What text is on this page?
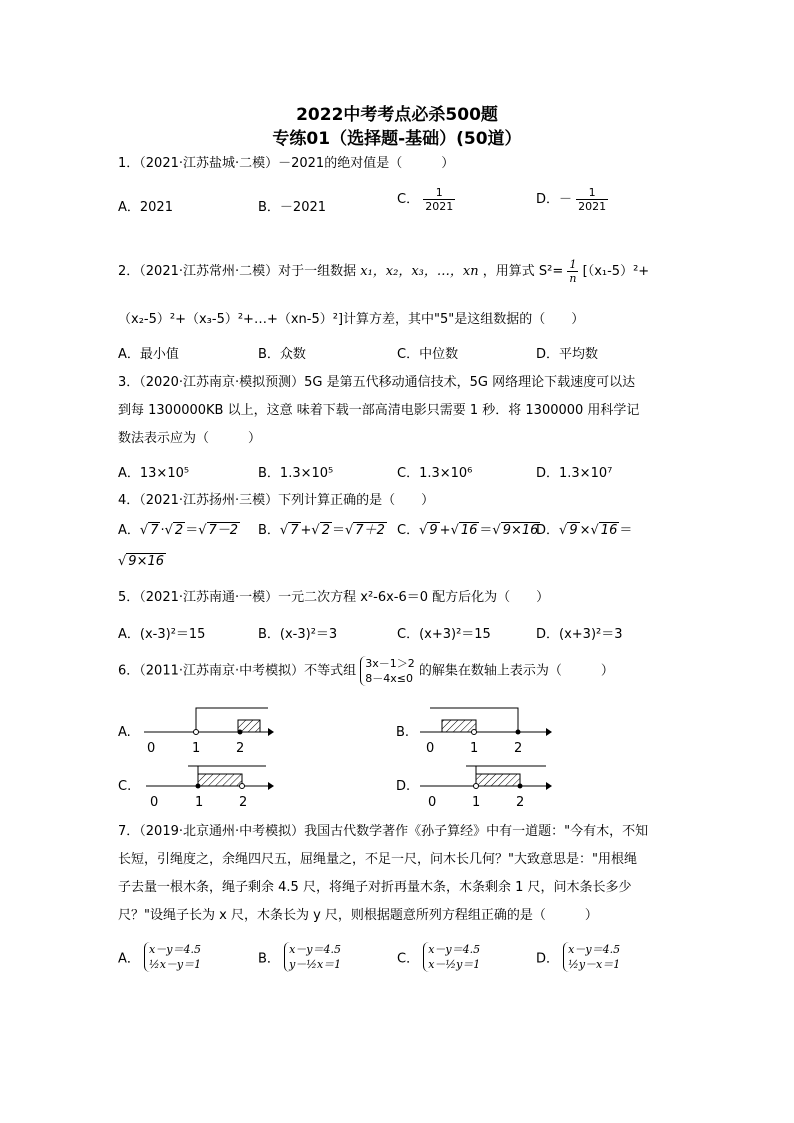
2022中考考点必杀500题
专练01（选择题-基础）(50道）
1．（2021·江苏盐城·二模）－2021的绝对值是（　　　）
A．2021	B．－2021
C． $\frac{1}{2021}$	D．－ $\frac{1}{2021}$
2．（2021·江苏常州·二模）对于一组数据 x₁，x₂，x₃，…，xn ，用算式 $S^2= \frac{1}{n} [(x_1-5)^2+$
（x₂-5）²+（x₃-5）²+…+（xn-5）²]计算方差，其中"5"是这组数据的（　　）
A．最小值	B．众数	C．中位数	D．平均数
3．（2020·江苏南京·模拟预测）5G 是第五代移动通信技术，5G 网络理论下载速度可以达
到每 1300000KB 以上，这意 味着下载一部高清电影只需要 1 秒．将 1300000 用科学记
数法表示应为（　　　）
A．13×10⁵	B．1.3×10⁵	C．1.3×10⁶	D．1.3×10⁷
4．（2021·江苏扬州·三模）下列计算正确的是（　　）
A．√ 7 ·√ 2 ＝√ 7－2 B．√ 7 +√ 2 ＝√ 7＋2 C．√ 9 +√ 16 ＝√ 9×16
D．√ 9 ×√ 16 ＝
√ 9×16
5．（2021·江苏南通·一模）一元二次方程 x²-6x-6＝0 配方后化为（　　）
A．(x-3)²＝15	B．(x-3)²＝3	C．(x+3)²＝15	D．(x+3)²＝3
6．（2011·江苏南京·中考模拟）不等式组 3x－1＞2
8－4x≤0 的解集在数轴上表示为（　　　）
A.
0	1	2
B.
0	1	2
C.
0	1	2
D.
0	1	2
7．（2019·北京通州·中考模拟）我国古代数学著作《孙子算经》中有一道题："今有木，不知
长短，引绳度之，余绳四尺五，屈绳量之，不足一尺，问木长几何？"大致意思是："用根绳
子去量一根木条，绳子剩余 4.5 尺，将绳子对折再量木条，木条剩余 1 尺，问木条长多少
尺？"设绳子长为 x 尺，木条长为 y 尺，则根据题意所列方程组正确的是（　　　）
A．
x－y＝4.5
½x－y＝1	B．
x－y＝4.5
y－½x＝1	C．
x－y＝4.5
x－½y＝1	D．
x－y＝4.5
½y－x＝1
